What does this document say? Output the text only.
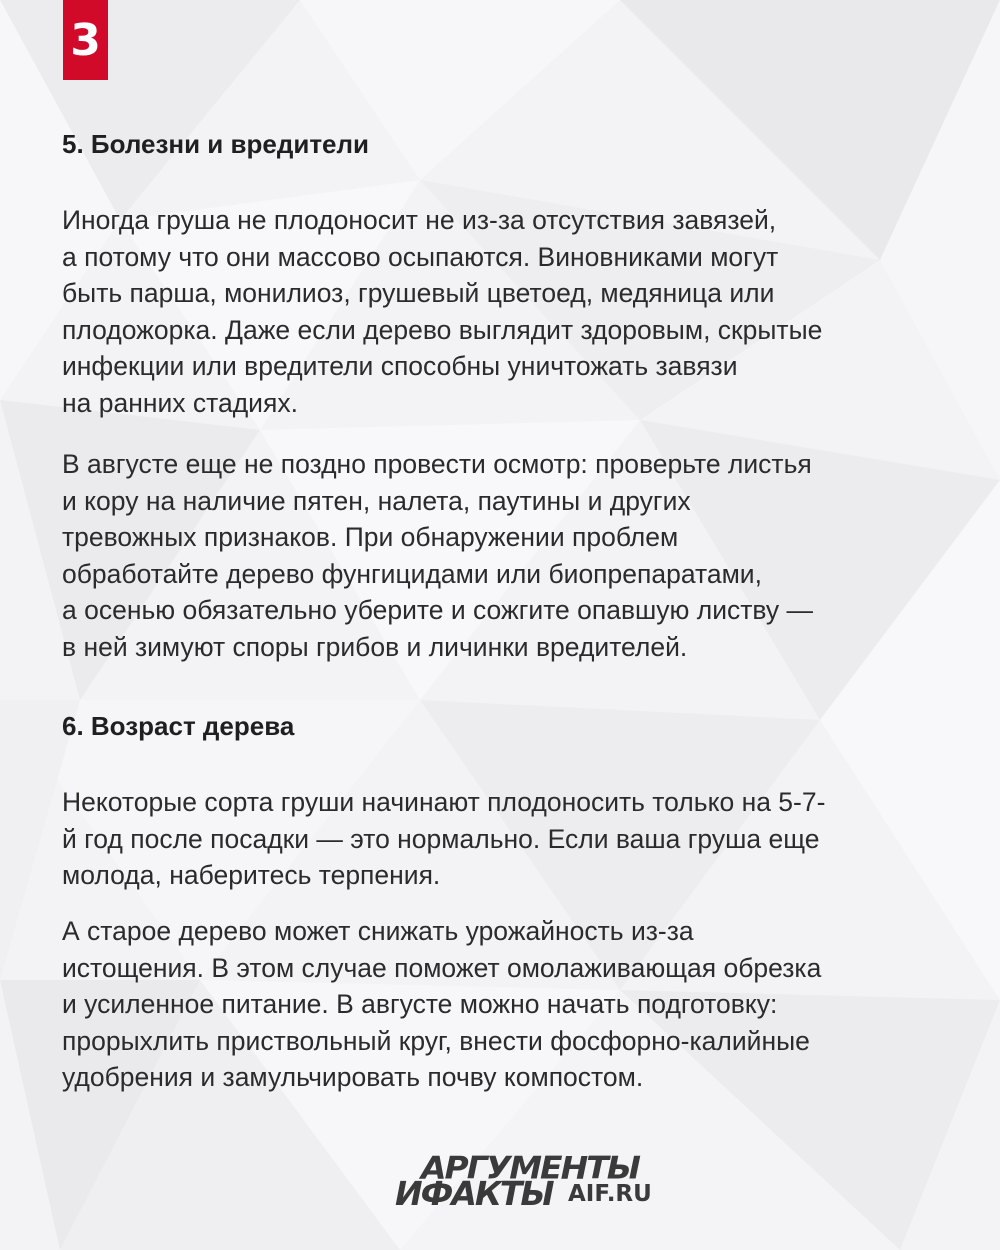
3
5. Болезни и вредители
Иногда груша не плодоносит не из-за отсутствия завязей,
а потому что они массово осыпаются. Виновниками могут
быть парша, монилиоз, грушевый цветоед, медяница или
плодожорка. Даже если дерево выглядит здоровым, скрытые
инфекции или вредители способны уничтожать завязи
на ранних стадиях.
В августе еще не поздно провести осмотр: проверьте листья
и кору на наличие пятен, налета, паутины и других
тревожных признаков. При обнаружении проблем
обработайте дерево фунгицидами или биопрепаратами,
а осенью обязательно уберите и сожгите опавшую листву —
в ней зимуют споры грибов и личинки вредителей.
6. Возраст дерева
Некоторые сорта груши начинают плодоносить только на 5-7-
й год после посадки — это нормально. Если ваша груша еще
молода, наберитесь терпения.
А старое дерево может снижать урожайность из-за
истощения. В этом случае поможет омолаживающая обрезка
и усиленное питание. В августе можно начать подготовку:
прорыхлить приствольный круг, внести фосфорно-калийные
удобрения и замульчировать почву компостом.
АРГУМЕНТЫ
ИФАКТЫ AIF.RU
